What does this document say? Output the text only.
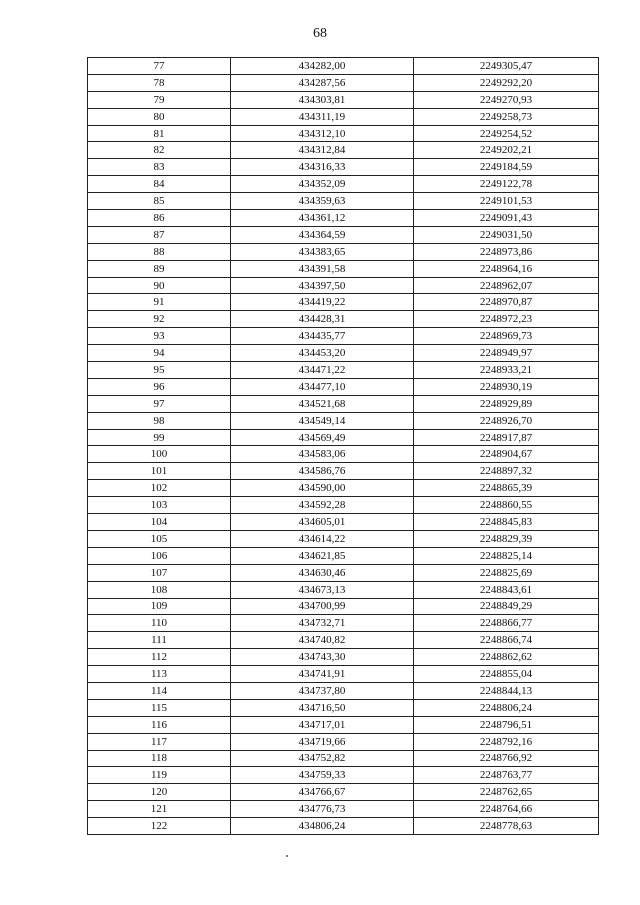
68
77	434282,00	2249305,47
78	434287,56	2249292,20
79	434303,81	2249270,93
80	434311,19	2249258,73
81	434312,10	2249254,52
82	434312,84	2249202,21
83	434316,33	2249184,59
84	434352,09	2249122,78
85	434359,63	2249101,53
86	434361,12	2249091,43
87	434364,59	2249031,50
88	434383,65	2248973,86
89	434391,58	2248964,16
90	434397,50	2248962,07
91	434419,22	2248970,87
92	434428,31	2248972,23
93	434435,77	2248969,73
94	434453,20	2248949,97
95	434471,22	2248933,21
96	434477,10	2248930,19
97	434521,68	2248929,89
98	434549,14	2248926,70
99	434569,49	2248917,87
100	434583,06	2248904,67
101	434586,76	2248897,32
102	434590,00	2248865,39
103	434592,28	2248860,55
104	434605,01	2248845,83
105	434614,22	2248829,39
106	434621,85	2248825,14
107	434630,46	2248825,69
108	434673,13	2248843,61
109	434700,99	2248849,29
110	434732,71	2248866,77
111	434740,82	2248866,74
112	434743,30	2248862,62
113	434741,91	2248855,04
114	434737,80	2248844,13
115	434716,50	2248806,24
116	434717,01	2248796,51
117	434719,66	2248792,16
118	434752,82	2248766,92
119	434759,33	2248763,77
120	434766,67	2248762,65
121	434776,73	2248764,66
122	434806,24	2248778,63
